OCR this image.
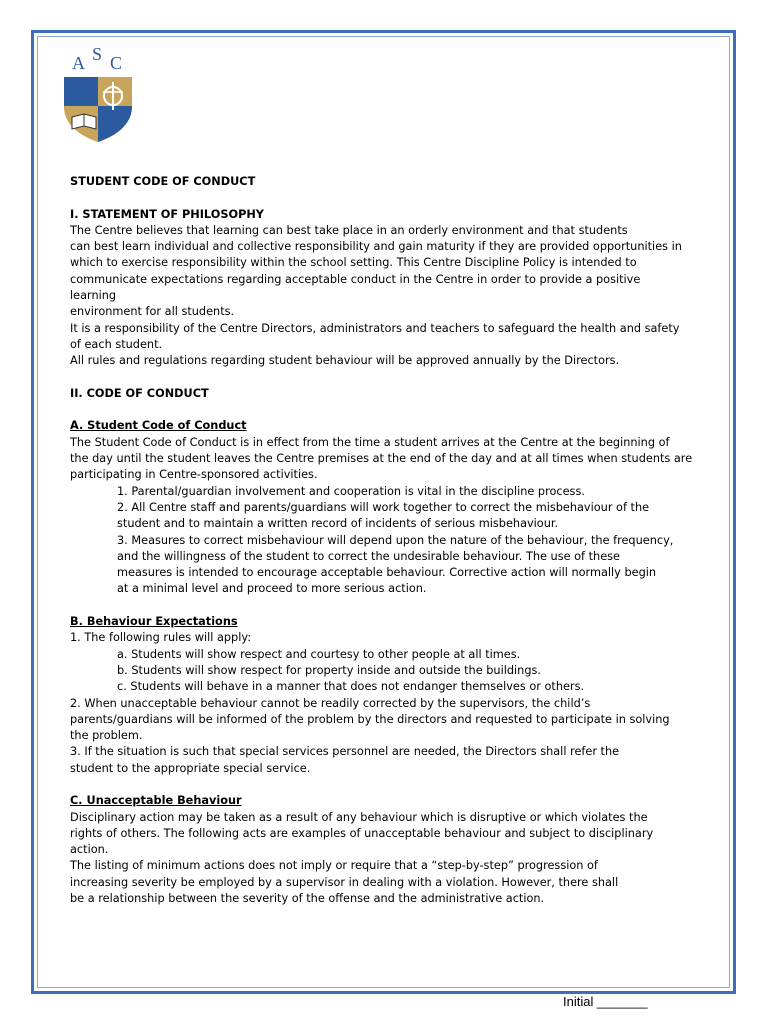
A S C

STUDENT CODE OF CONDUCT

I. STATEMENT OF PHILOSOPHY

The Centre believes that learning can best take place in an orderly environment and that students

can best learn individual and collective responsibility and gain maturity if they are provided opportunities in

which to exercise responsibility within the school setting. This Centre Discipline Policy is intended to

communicate expectations regarding acceptable conduct in the Centre in order to provide a positive

learning

environment for all students.

It is a responsibility of the Centre Directors, administrators and teachers to safeguard the health and safety

of each student.

All rules and regulations regarding student behaviour will be approved annually by the Directors.

II. CODE OF CONDUCT

A. Student Code of Conduct

The Student Code of Conduct is in effect from the time a student arrives at the Centre at the beginning of

the day until the student leaves the Centre premises at the end of the day and at all times when students are

participating in Centre-sponsored activities.

1. Parental/guardian involvement and cooperation is vital in the discipline process.

2. All Centre staff and parents/guardians will work together to correct the misbehaviour of the

student and to maintain a written record of incidents of serious misbehaviour.

3. Measures to correct misbehaviour will depend upon the nature of the behaviour, the frequency,

and the willingness of the student to correct the undesirable behaviour. The use of these

measures is intended to encourage acceptable behaviour. Corrective action will normally begin

at a minimal level and proceed to more serious action.

B. Behaviour Expectations

1. The following rules will apply:

a. Students will show respect and courtesy to other people at all times.

b. Students will show respect for property inside and outside the buildings.

c. Students will behave in a manner that does not endanger themselves or others.

2. When unacceptable behaviour cannot be readily corrected by the supervisors, the child’s

parents/guardians will be informed of the problem by the directors and requested to participate in solving

the problem.

3. If the situation is such that special services personnel are needed, the Directors shall refer the

student to the appropriate special service.

C. Unacceptable Behaviour

Disciplinary action may be taken as a result of any behaviour which is disruptive or which violates the

rights of others. The following acts are examples of unacceptable behaviour and subject to disciplinary

action.

The listing of minimum actions does not imply or require that a “step-by-step” progression of

increasing severity be employed by a supervisor in dealing with a violation. However, there shall

be a relationship between the severity of the offense and the administrative action.

Initial _______
